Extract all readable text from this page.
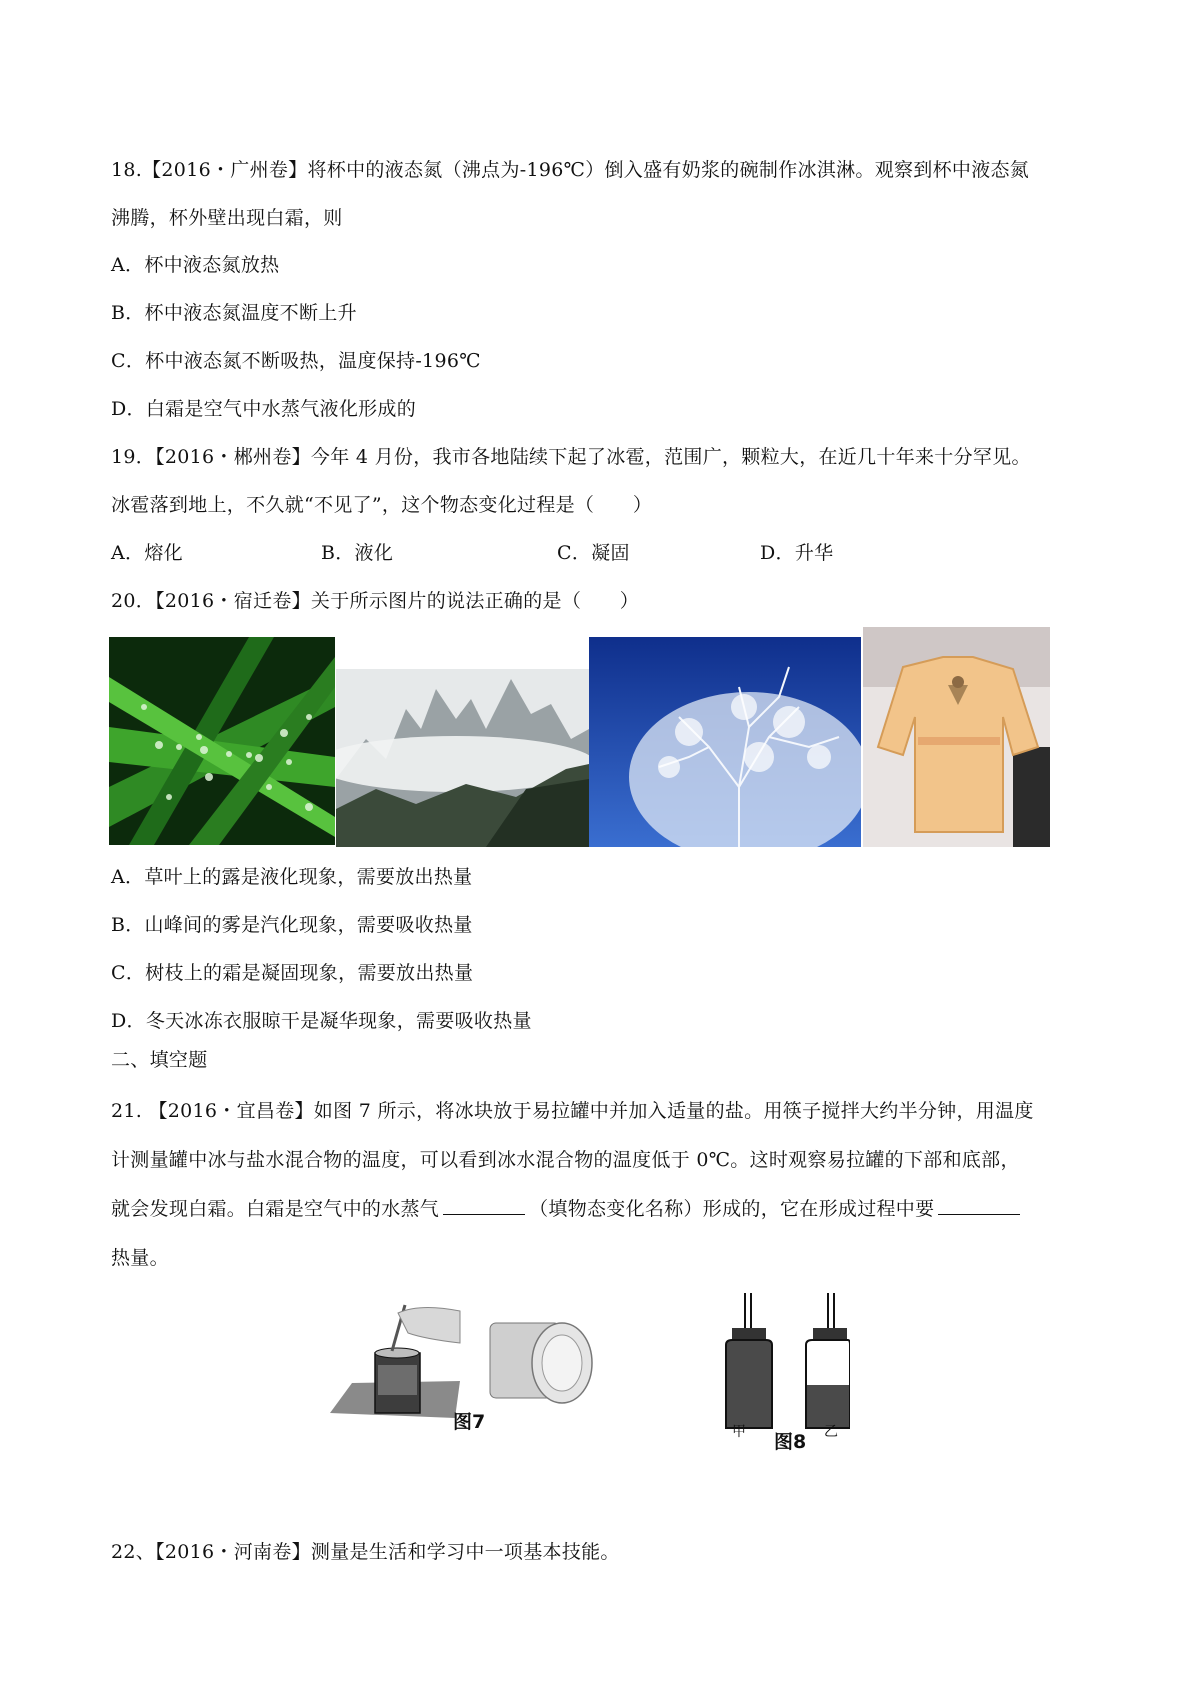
18.【2016・广州卷】将杯中的液态氮（沸点为-196℃）倒入盛有奶浆的碗制作冰淇淋。观察到杯中液态氮
沸腾，杯外壁出现白霜，则
A．杯中液态氮放热
B．杯中液态氮温度不断上升
C．杯中液态氮不断吸热，温度保持-196℃
D．白霜是空气中水蒸气液化形成的
19．【2016・郴州卷】今年 4 月份，我市各地陆续下起了冰雹，范围广，颗粒大，在近几十年来十分罕见。
冰雹落到地上，不久就“不见了”，这个物态变化过程是（　　）
A．熔化	B．液化	C．凝固	D．升华
20．【2016・宿迁卷】关于所示图片的说法正确的是（　　）
A．草叶上的露是液化现象，需要放出热量
B．山峰间的雾是汽化现象，需要吸收热量
C．树枝上的霜是凝固现象，需要放出热量
D．冬天冰冻衣服晾干是凝华现象，需要吸收热量
二、填空题
21. 【2016・宜昌卷】如图 7 所示，将冰块放于易拉罐中并加入适量的盐。用筷子搅拌大约半分钟，用温度
计测量罐中冰与盐水混合物的温度，可以看到冰水混合物的温度低于 0℃。这时观察易拉罐的下部和底部，
就会发现白霜。白霜是空气中的水蒸气	（填物态变化名称）形成的，它在形成过程中要
热量。
图7	甲 图8 乙
22、【2016・河南卷】测量是生活和学习中一项基本技能。
